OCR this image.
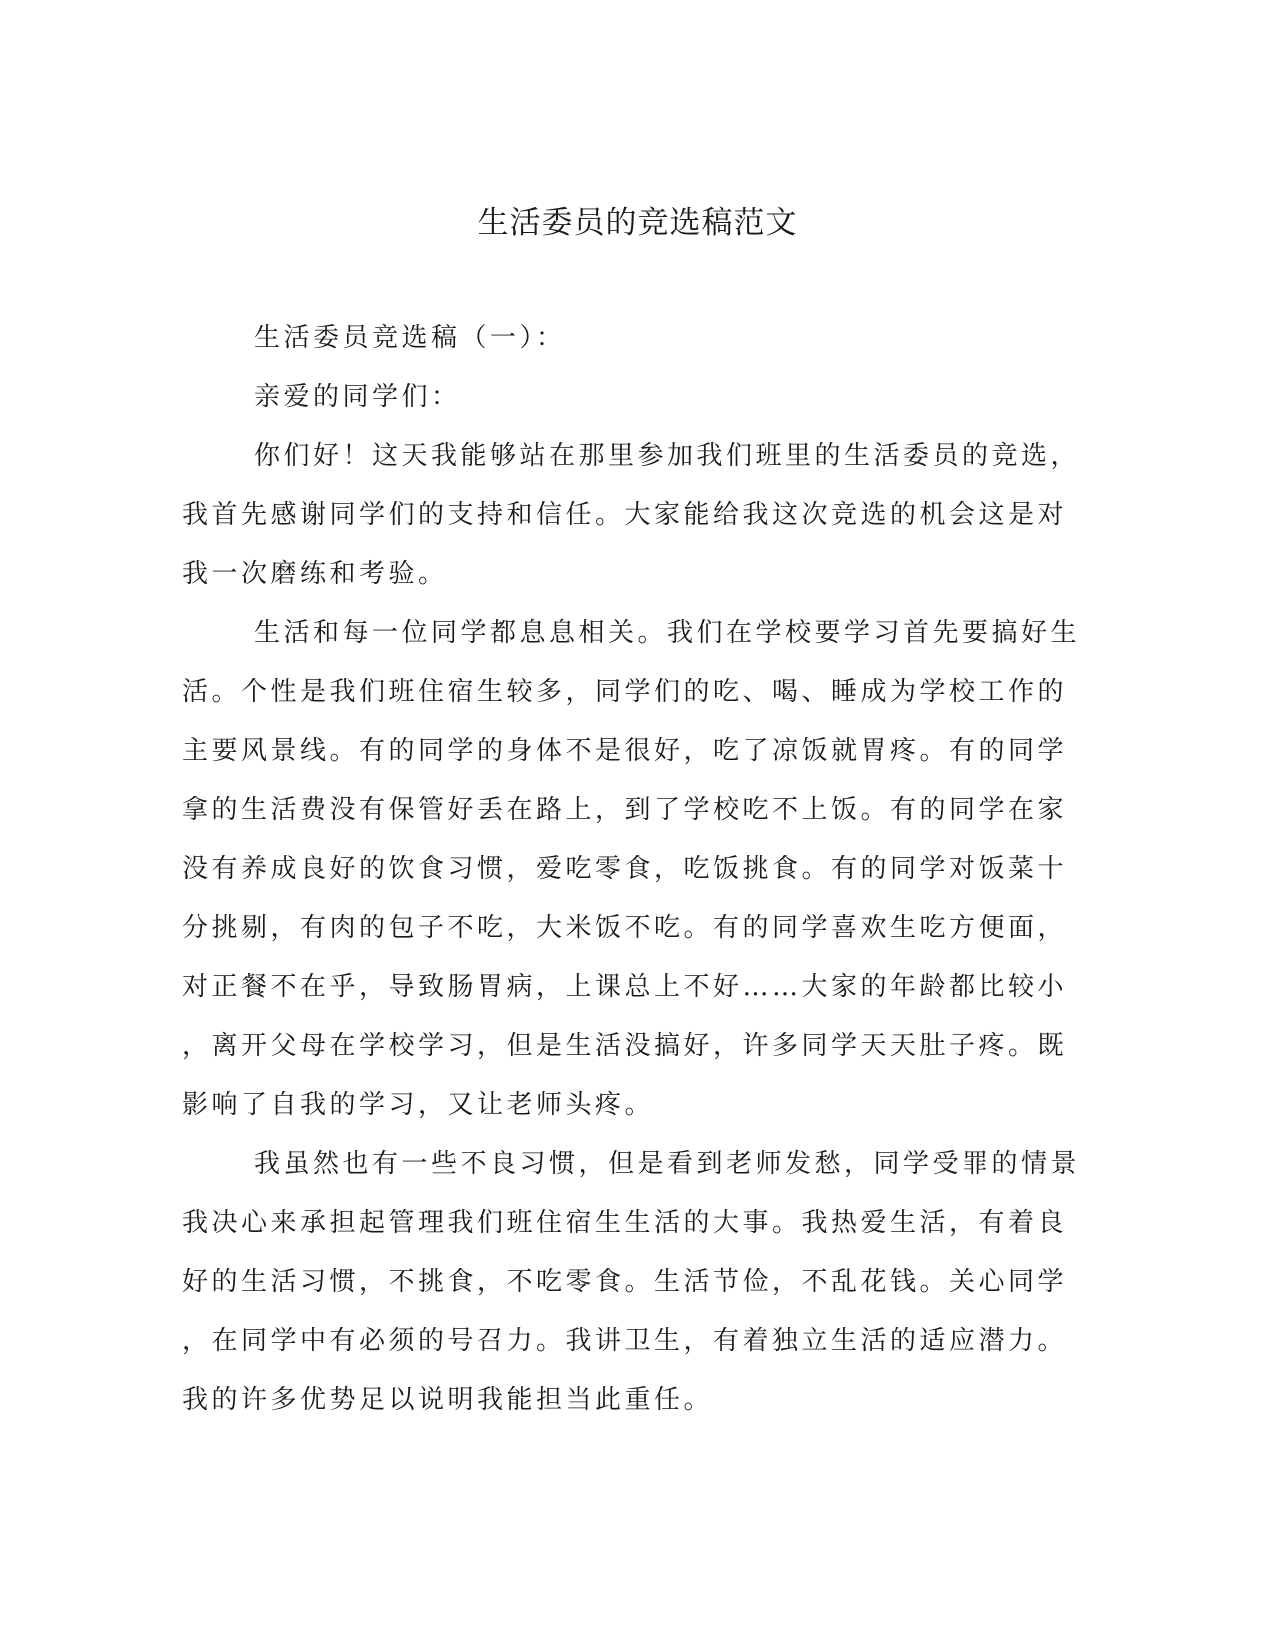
生活委员的竞选稿范文
生活委员竞选稿（一）：
亲爱的同学们：
你们好！这天我能够站在那里参加我们班里的生活委员的竞选，
我首先感谢同学们的支持和信任。大家能给我这次竞选的机会这是对
我一次磨练和考验。
生活和每一位同学都息息相关。我们在学校要学习首先要搞好生
活。个性是我们班住宿生较多，同学们的吃、喝、睡成为学校工作的
主要风景线。有的同学的身体不是很好，吃了凉饭就胃疼。有的同学
拿的生活费没有保管好丢在路上，到了学校吃不上饭。有的同学在家
没有养成良好的饮食习惯，爱吃零食，吃饭挑食。有的同学对饭菜十
分挑剔，有肉的包子不吃，大米饭不吃。有的同学喜欢生吃方便面，
对正餐不在乎，导致肠胃病，上课总上不好……大家的年龄都比较小
，离开父母在学校学习，但是生活没搞好，许多同学天天肚子疼。既
影响了自我的学习，又让老师头疼。
我虽然也有一些不良习惯，但是看到老师发愁，同学受罪的情景
我决心来承担起管理我们班住宿生生活的大事。我热爱生活，有着良
好的生活习惯，不挑食，不吃零食。生活节俭，不乱花钱。关心同学
，在同学中有必须的号召力。我讲卫生，有着独立生活的适应潜力。
我的许多优势足以说明我能担当此重任。
